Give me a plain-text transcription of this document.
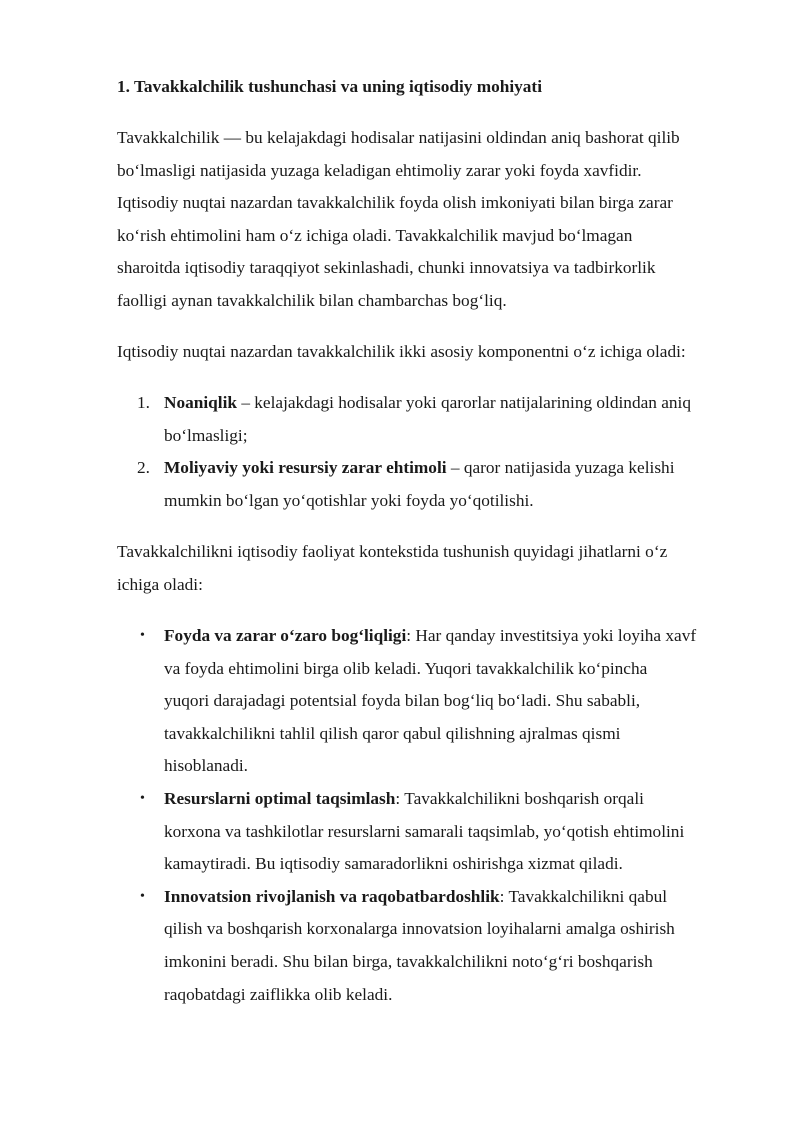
1. Tavakkalchilik tushunchasi va uning iqtisodiy mohiyati

Tavakkalchilik — bu kelajakdagi hodisalar natijasini oldindan aniq bashorat qilib
boʻlmasligi natijasida yuzaga keladigan ehtimoliy zarar yoki foyda xavfidir.
Iqtisodiy nuqtai nazardan tavakkalchilik foyda olish imkoniyati bilan birga zarar
koʻrish ehtimolini ham oʻz ichiga oladi. Tavakkalchilik mavjud boʻlmagan
sharoitda iqtisodiy taraqqiyot sekinlashadi, chunki innovatsiya va tadbirkorlik
faolligi aynan tavakkalchilik bilan chambarchas bogʻliq.

Iqtisodiy nuqtai nazardan tavakkalchilik ikki asosiy komponentni oʻz ichiga oladi:

1. Noaniqlik – kelajakdagi hodisalar yoki qarorlar natijalarining oldindan aniq
boʻlmasligi;
2. Moliyaviy yoki resursiy zarar ehtimoli – qaror natijasida yuzaga kelishi
mumkin boʻlgan yoʻqotishlar yoki foyda yoʻqotilishi.

Tavakkalchilikni iqtisodiy faoliyat kontekstida tushunish quyidagi jihatlarni oʻz
ichiga oladi:

• Foyda va zarar oʻzaro bogʻliqligi: Har qanday investitsiya yoki loyiha xavf
va foyda ehtimolini birga olib keladi. Yuqori tavakkalchilik koʻpincha
yuqori darajadagi potentsial foyda bilan bogʻliq boʻladi. Shu sababli,
tavakkalchilikni tahlil qilish qaror qabul qilishning ajralmas qismi
hisoblanadi.
• Resurslarni optimal taqsimlash: Tavakkalchilikni boshqarish orqali
korxona va tashkilotlar resurslarni samarali taqsimlab, yoʻqotish ehtimolini
kamaytiradi. Bu iqtisodiy samaradorlikni oshirishga xizmat qiladi.
• Innovatsion rivojlanish va raqobatbardoshlik: Tavakkalchilikni qabul
qilish va boshqarish korxonalarga innovatsion loyihalarni amalga oshirish
imkonini beradi. Shu bilan birga, tavakkalchilikni notoʻgʻri boshqarish
raqobatdagi zaiflikka olib keladi.
